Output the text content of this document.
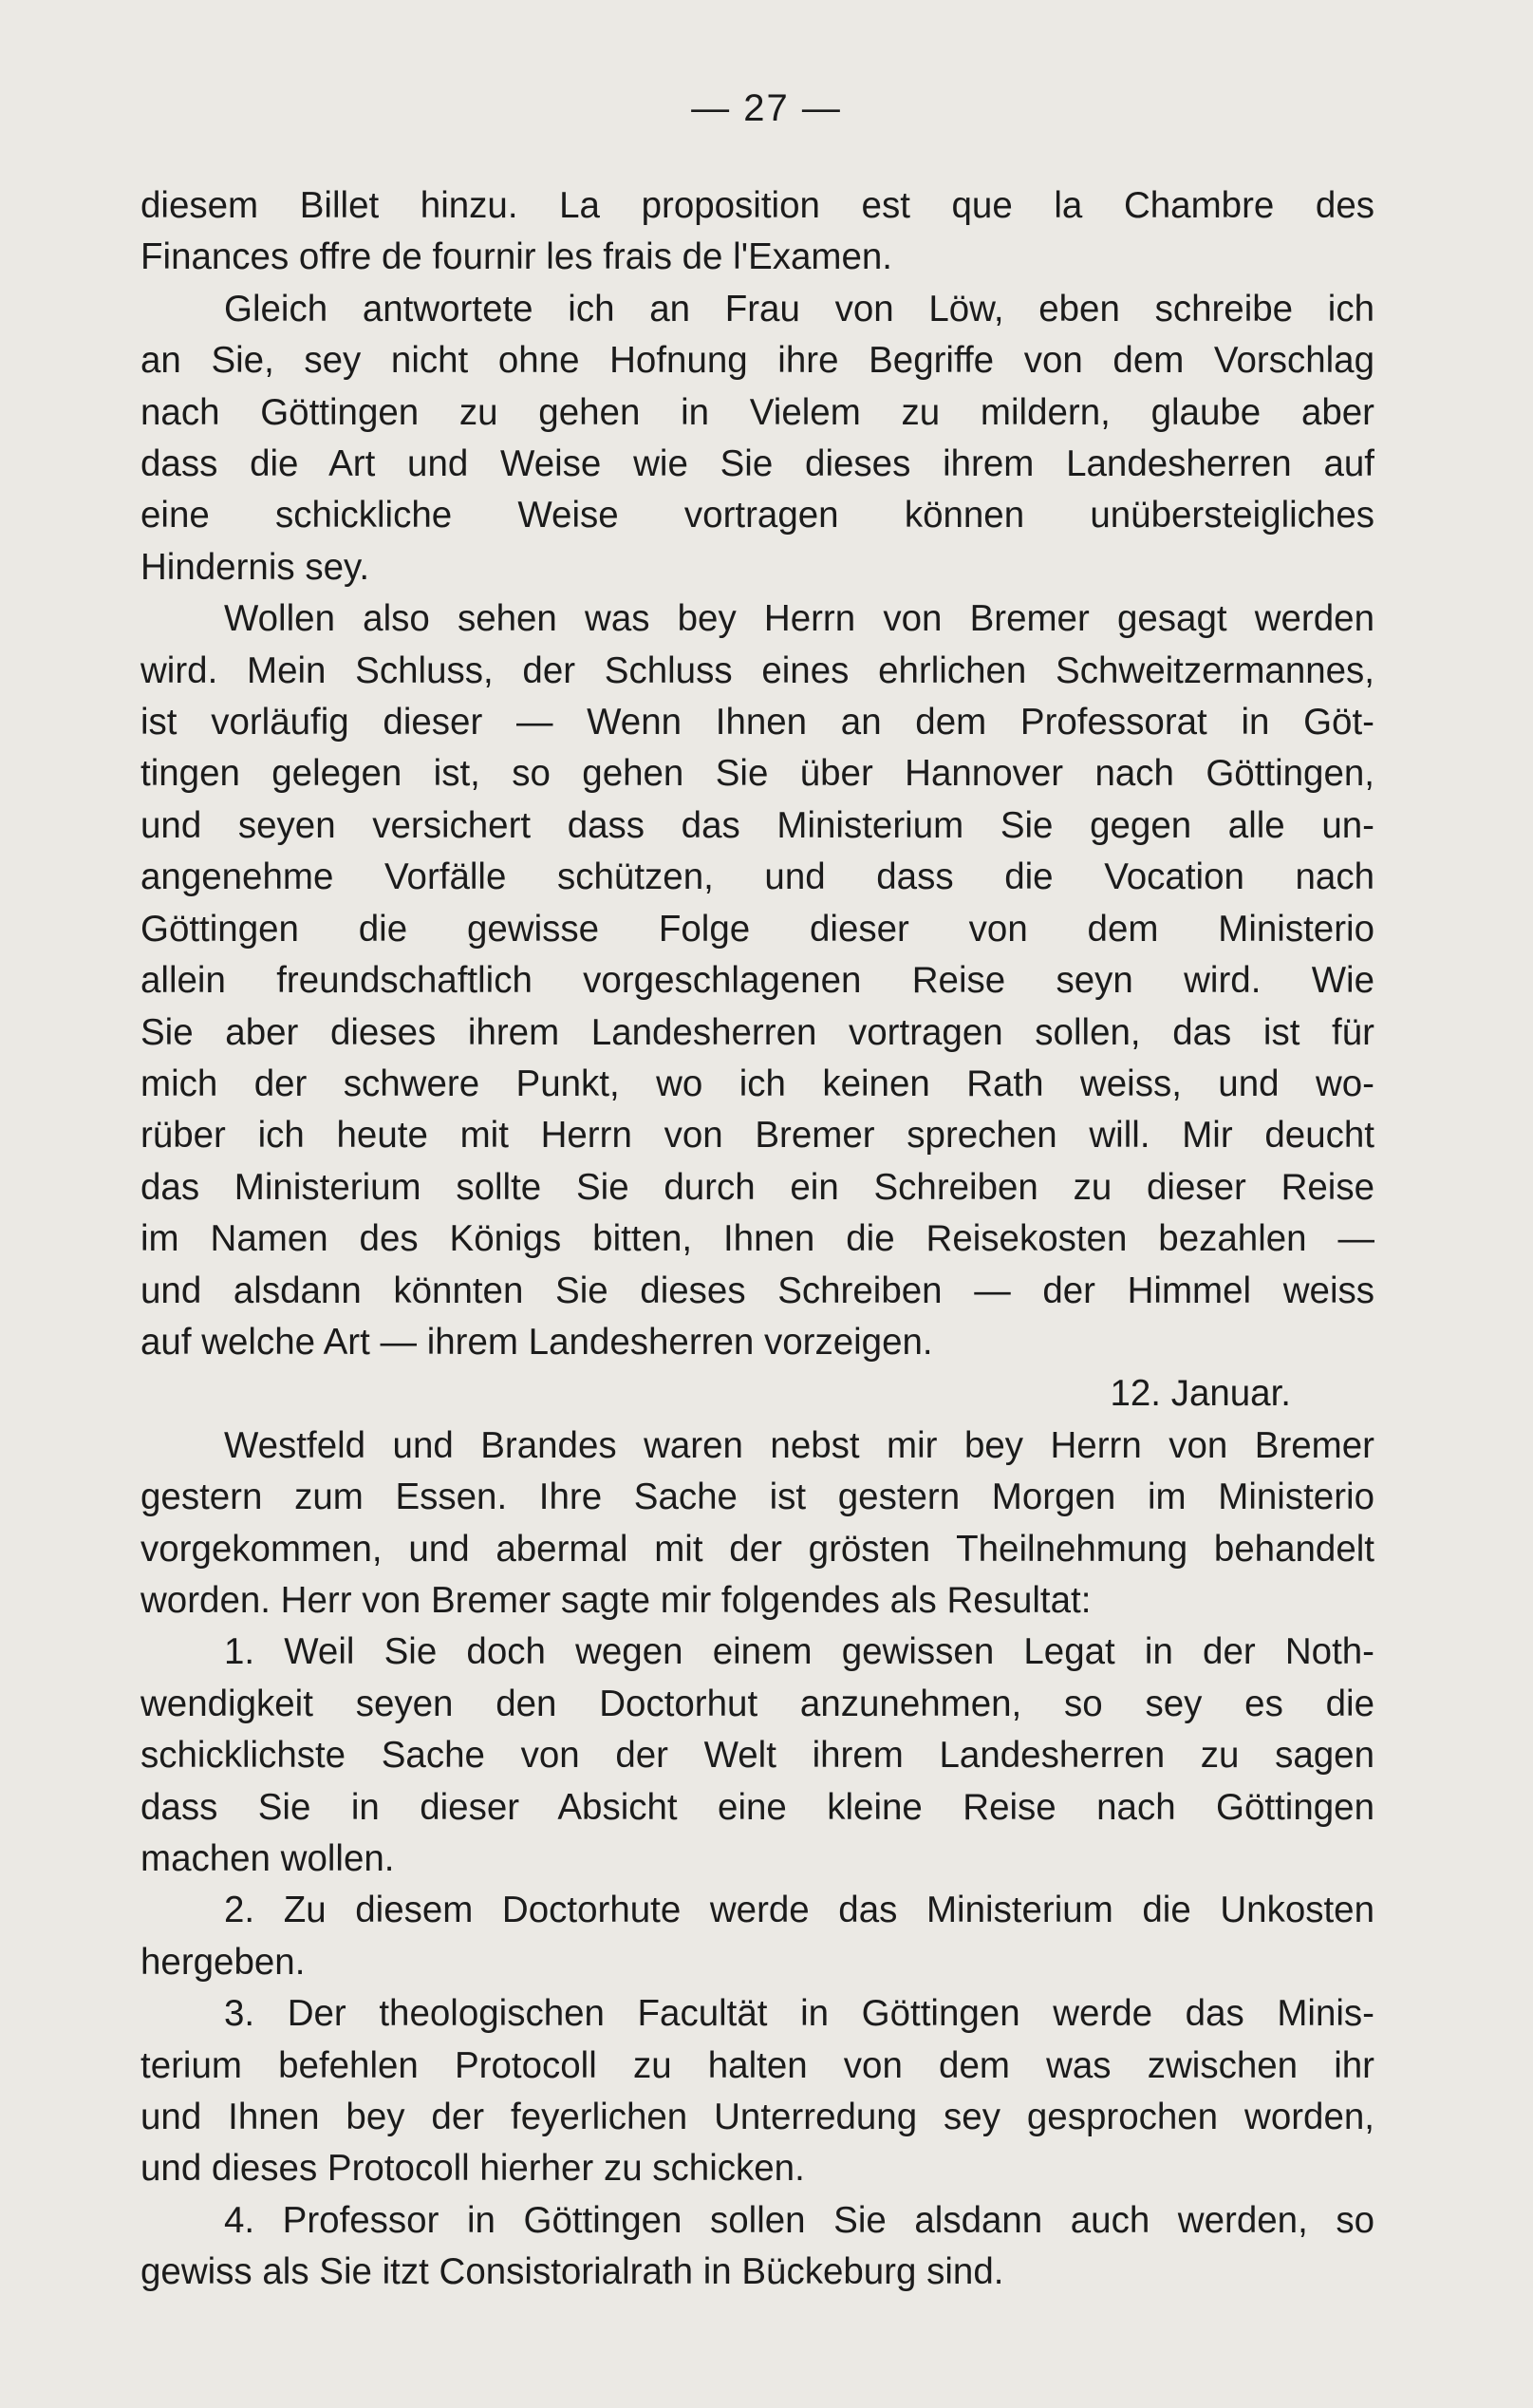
— 27 —

diesem Billet hinzu. La proposition est que la Chambre des
Finances offre de fournir les frais de l'Examen.

Gleich antwortete ich an Frau von Löw, eben schreibe ich
an Sie, sey nicht ohne Hofnung ihre Begriffe von dem Vorschlag
nach Göttingen zu gehen in Vielem zu mildern, glaube aber
dass die Art und Weise wie Sie dieses ihrem Landesherren auf
eine schickliche Weise vortragen können unübersteigliches
Hindernis sey.

Wollen also sehen was bey Herrn von Bremer gesagt werden
wird. Mein Schluss, der Schluss eines ehrlichen Schweitzermannes,
ist vorläufig dieser — Wenn Ihnen an dem Professorat in Göt-
tingen gelegen ist, so gehen Sie über Hannover nach Göttingen,
und seyen versichert dass das Ministerium Sie gegen alle un-
angenehme Vorfälle schützen, und dass die Vocation nach
Göttingen die gewisse Folge dieser von dem Ministerio
allein freundschaftlich vorgeschlagenen Reise seyn wird. Wie
Sie aber dieses ihrem Landesherren vortragen sollen, das ist für
mich der schwere Punkt, wo ich keinen Rath weiss, und wo-
rüber ich heute mit Herrn von Bremer sprechen will. Mir deucht
das Ministerium sollte Sie durch ein Schreiben zu dieser Reise
im Namen des Königs bitten, Ihnen die Reisekosten bezahlen —
und alsdann könnten Sie dieses Schreiben — der Himmel weiss
auf welche Art — ihrem Landesherren vorzeigen.

12. Januar.

Westfeld und Brandes waren nebst mir bey Herrn von Bremer
gestern zum Essen. Ihre Sache ist gestern Morgen im Ministerio
vorgekommen, und abermal mit der grösten Theilnehmung behandelt
worden. Herr von Bremer sagte mir folgendes als Resultat:

1. Weil Sie doch wegen einem gewissen Legat in der Noth-
wendigkeit seyen den Doctorhut anzunehmen, so sey es die
schicklichste Sache von der Welt ihrem Landesherren zu sagen
dass Sie in dieser Absicht eine kleine Reise nach Göttingen
machen wollen.

2. Zu diesem Doctorhute werde das Ministerium die Unkosten
hergeben.

3. Der theologischen Facultät in Göttingen werde das Minis-
terium befehlen Protocoll zu halten von dem was zwischen ihr
und Ihnen bey der feyerlichen Unterredung sey gesprochen worden,
und dieses Protocoll hierher zu schicken.

4. Professor in Göttingen sollen Sie alsdann auch werden, so
gewiss als Sie itzt Consistorialrath in Bückeburg sind.
